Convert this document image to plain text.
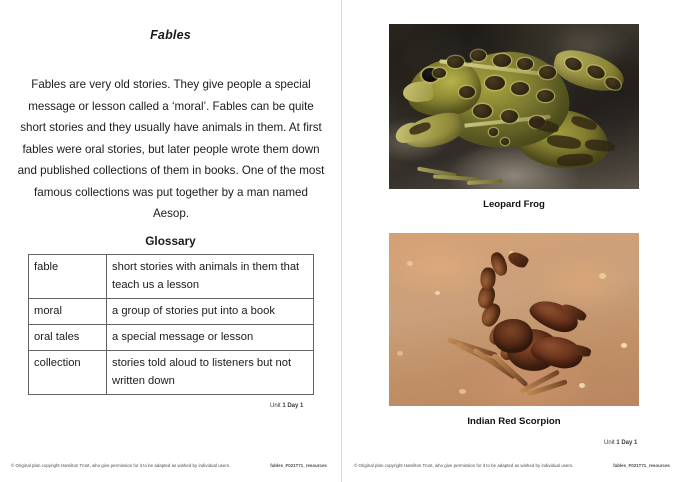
Fables
Fables are very old stories. They give people a special message or lesson called a ‘moral’. Fables can be quite short stories and they usually have animals in them. At first fables were oral stories, but later people wrote them down and published collections of them in books. One of the most famous collections was put together by a man named Aesop.
Glossary
fable	short stories with animals in them that teach us a lesson
moral	a group of stories put into a book
oral tales	a special message or lesson
collection	stories told aloud to listeners but not written down
Unit 1 Day 1
© Original plan copyright Hamilton Trust, who give permission for it to be adapted as wished by individual users.	fables_F021T71_resources
Leopard Frog
Indian Red Scorpion
Unit 1 Day 1
© Original plan copyright Hamilton Trust, who give permission for it to be adapted as wished by individual users.	fables_F021T71_resources
